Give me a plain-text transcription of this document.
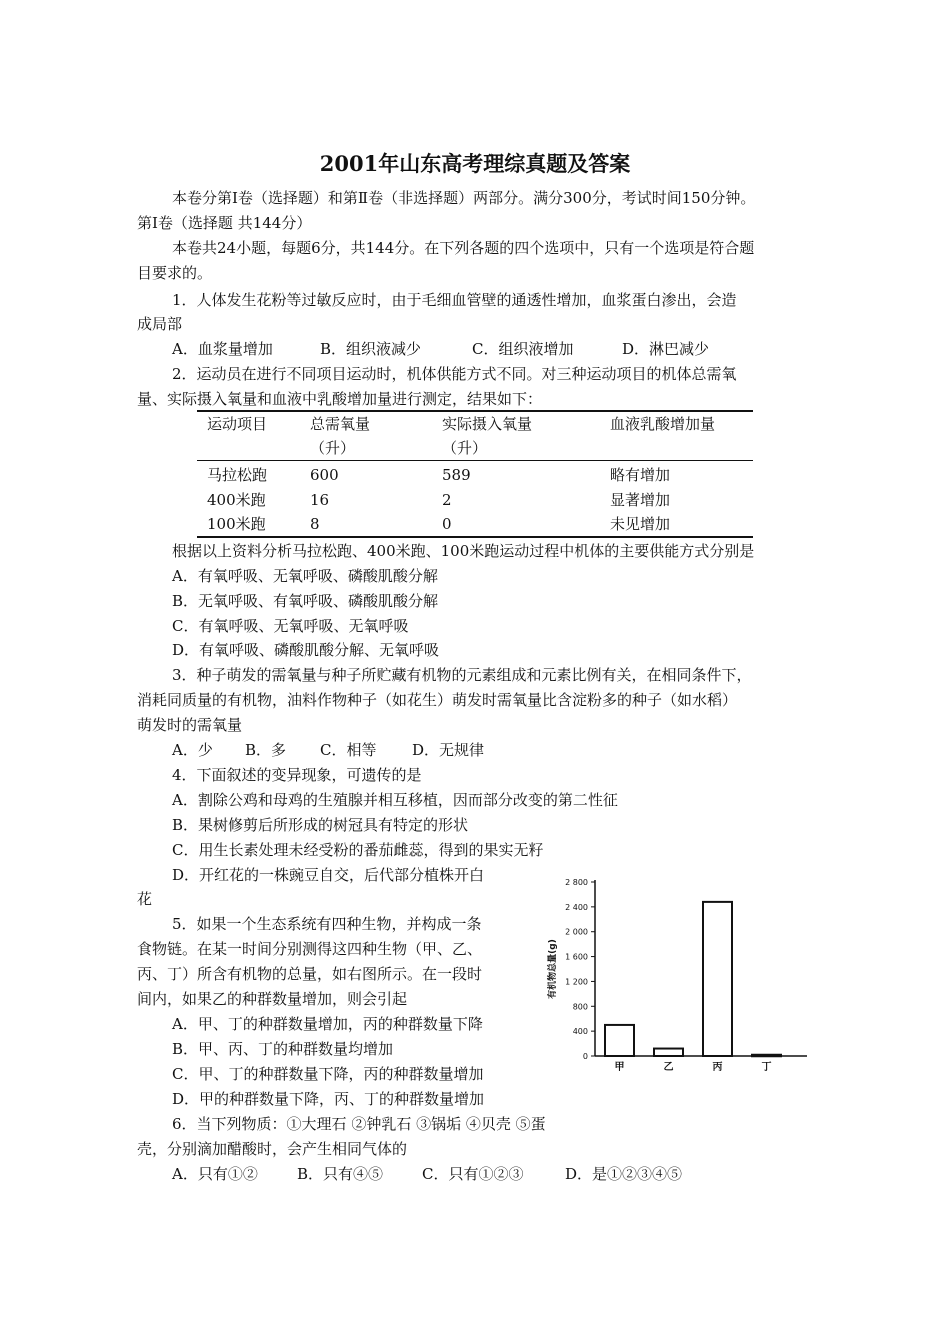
2001年山东高考理综真题及答案
本卷分第Ⅰ卷（选择题）和第Ⅱ卷（非选择题）两部分。满分300分，考试时间150分钟。
第Ⅰ卷（选择题 共144分）
本卷共24小题，每题6分，共144分。在下列各题的四个选项中，只有一个选项是符合题
目要求的。
1．人体发生花粉等过敏反应时，由于毛细血管壁的通透性增加，血浆蛋白渗出，会造
成局部
A．血浆量增加	B．组织液减少	C．组织液增加	D．淋巴减少
2．运动员在进行不同项目运动时，机体供能方式不同。对三种运动项目的机体总需氧
量、实际摄入氧量和血液中乳酸增加量进行测定，结果如下：
运动项目	总需氧量	实际摄入氧量	血液乳酸增加量
（升）	（升）
马拉松跑	600	589	略有增加
400米跑	16	2	显著增加
100米跑	8	0	未见增加
根据以上资料分析马拉松跑、400米跑、100米跑运动过程中机体的主要供能方式分别是
A．有氧呼吸、无氧呼吸、磷酸肌酸分解
B．无氧呼吸、有氧呼吸、磷酸肌酸分解
C．有氧呼吸、无氧呼吸、无氧呼吸
D．有氧呼吸、磷酸肌酸分解、无氧呼吸
3．种子萌发的需氧量与种子所贮藏有机物的元素组成和元素比例有关，在相同条件下，
消耗同质量的有机物，油料作物种子（如花生）萌发时需氧量比含淀粉多的种子（如水稻）
萌发时的需氧量
A．少 B．多 C．相等 D．无规律
4．下面叙述的变异现象，可遗传的是
A．割除公鸡和母鸡的生殖腺并相互移植，因而部分改变的第二性征
B．果树修剪后所形成的树冠具有特定的形状
C．用生长素处理未经受粉的番茄雌蕊，得到的果实无籽
D．开红花的一株豌豆自交，后代部分植株开白
花
5．如果一个生态系统有四种生物，并构成一条
食物链。在某一时间分别测得这四种生物（甲、乙、
丙、丁）所含有机物的总量，如右图所示。在一段时
间内，如果乙的种群数量增加，则会引起
A．甲、丁的种群数量增加，丙的种群数量下降
B．甲、丙、丁的种群数量均增加
C．甲、丁的种群数量下降，丙的种群数量增加
D．甲的种群数量下降，丙、丁的种群数量增加
6．当下列物质：①大理石 ②钟乳石 ③锅垢 ④贝壳 ⑤蛋
壳，分别滴加醋酸时，会产生相同气体的
A．只有①②	B．只有④⑤	C．只有①②③	D．是①②③④⑤
0
400
800
1 200
1 600
2 000
2 400
2 800
有机物总量(g)
甲	乙	丙	丁
